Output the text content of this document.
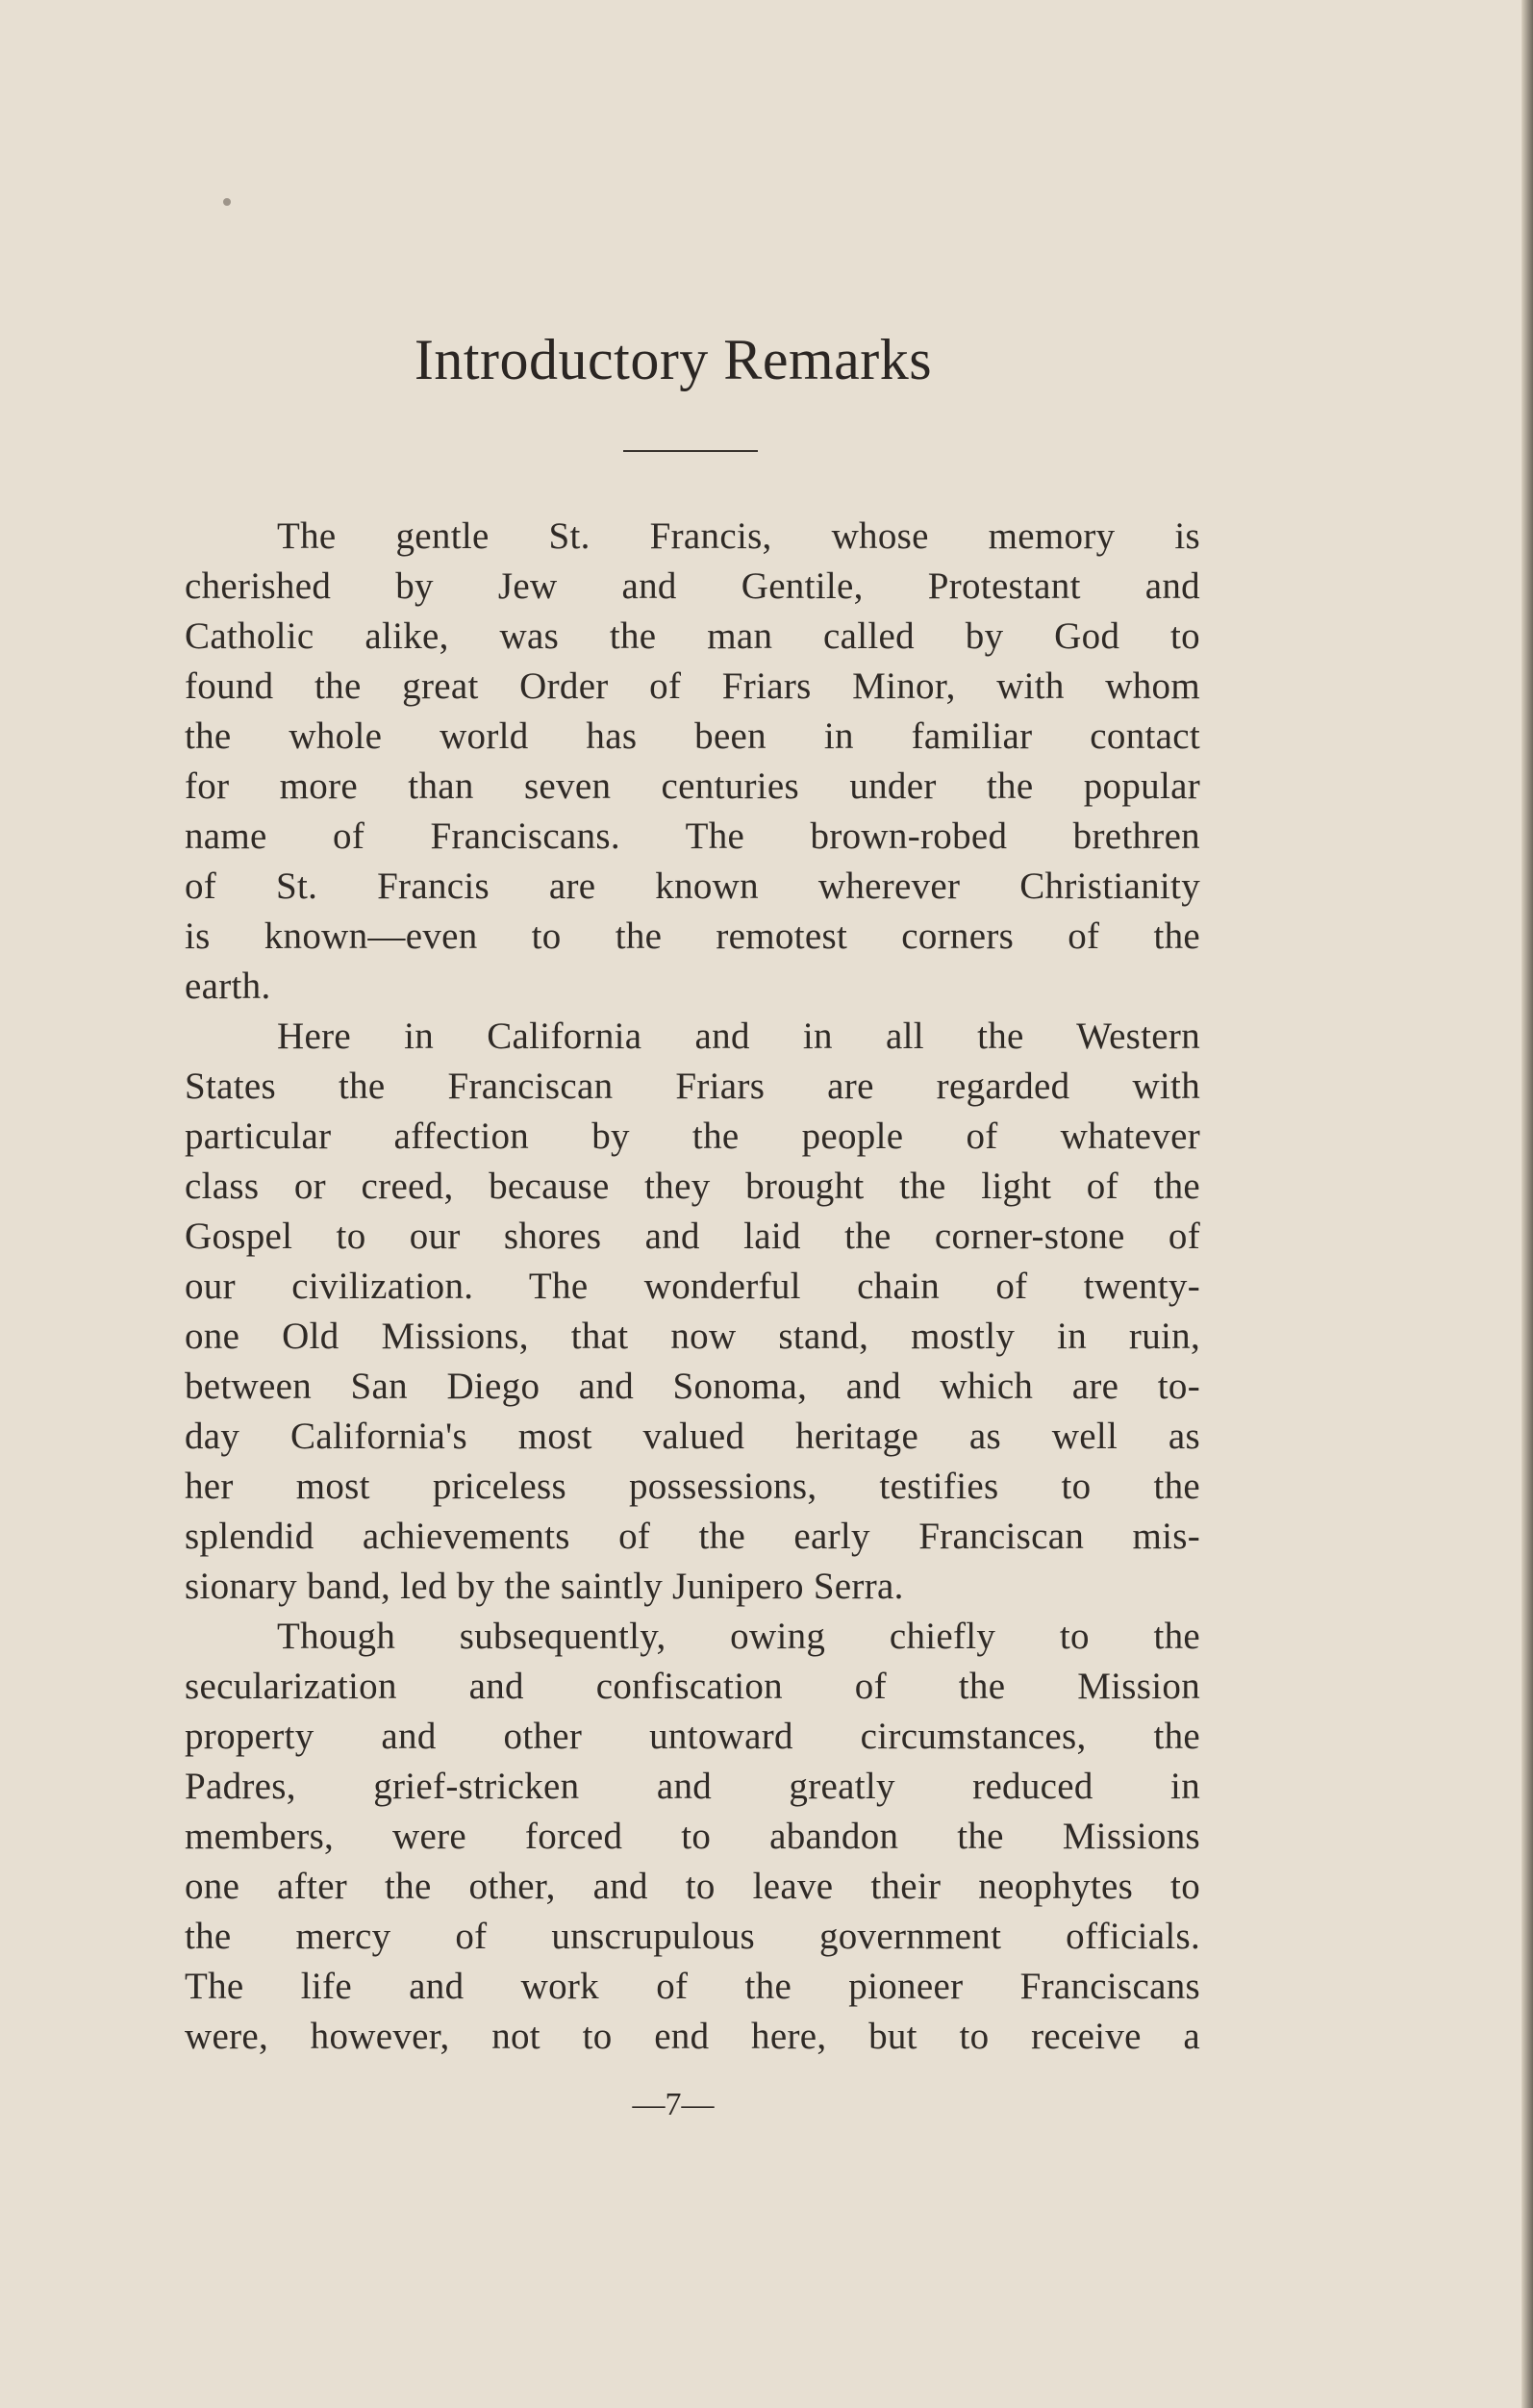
Introductory Remarks
The gentle St. Francis, whose memory is
cherished by Jew and Gentile, Protestant and
Catholic alike, was the man called by God to
found the great Order of Friars Minor, with whom
the whole world has been in familiar contact
for more than seven centuries under the popular
name of Franciscans. The brown-robed brethren
of St. Francis are known wherever Christianity
is known—even to the remotest corners of the
earth.
Here in California and in all the Western
States the Franciscan Friars are regarded with
particular affection by the people of whatever
class or creed, because they brought the light of the
Gospel to our shores and laid the corner-stone of
our civilization. The wonderful chain of twenty-
one Old Missions, that now stand, mostly in ruin,
between San Diego and Sonoma, and which are to-
day California's most valued heritage as well as
her most priceless possessions, testifies to the
splendid achievements of the early Franciscan mis-
sionary band, led by the saintly Junipero Serra.
Though subsequently, owing chiefly to the
secularization and confiscation of the Mission
property and other untoward circumstances, the
Padres, grief-stricken and greatly reduced in
members, were forced to abandon the Missions
one after the other, and to leave their neophytes to
the mercy of unscrupulous government officials.
The life and work of the pioneer Franciscans
were, however, not to end here, but to receive a
—7—
